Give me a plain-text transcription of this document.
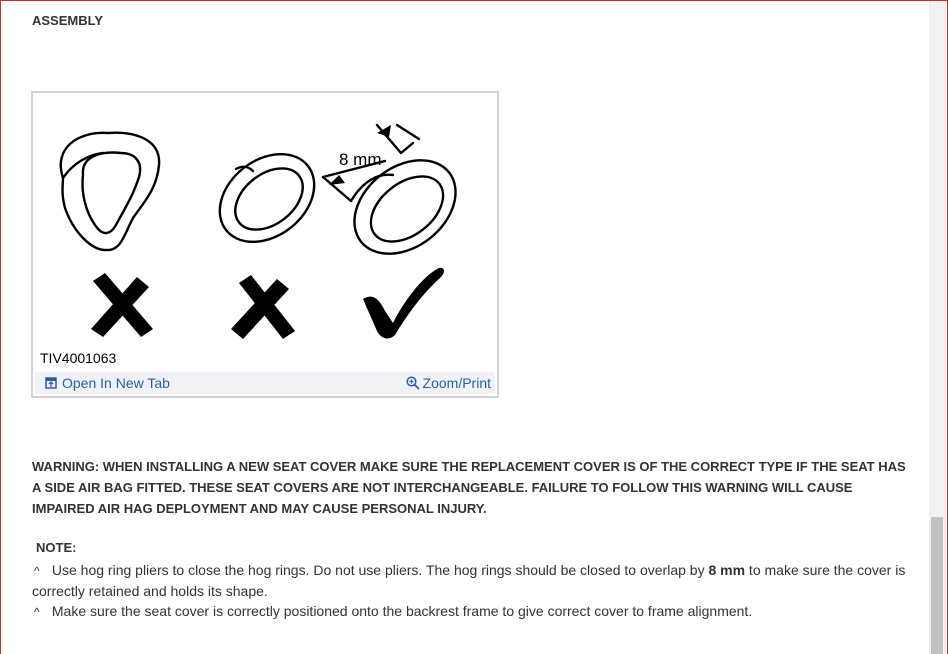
ASSEMBLY
8 mm
TIV4001063
Open In New Tab	Zoom/Print
WARNING: WHEN INSTALLING A NEW SEAT COVER MAKE SURE THE REPLACEMENT COVER IS OF THE CORRECT TYPE IF THE SEAT HAS A SIDE AIR BAG FITTED. THESE SEAT COVERS ARE NOT INTERCHANGEABLE. FAILURE TO FOLLOW THIS WARNING WILL CAUSE IMPAIRED AIR HAG DEPLOYMENT AND MAY CAUSE PERSONAL INJURY.
NOTE:
^ Use hog ring pliers to close the hog rings. Do not use pliers. The hog rings should be closed to overlap by 8 mm to make sure the cover is correctly retained and holds its shape.
^ Make sure the seat cover is correctly positioned onto the backrest frame to give correct cover to frame alignment.
